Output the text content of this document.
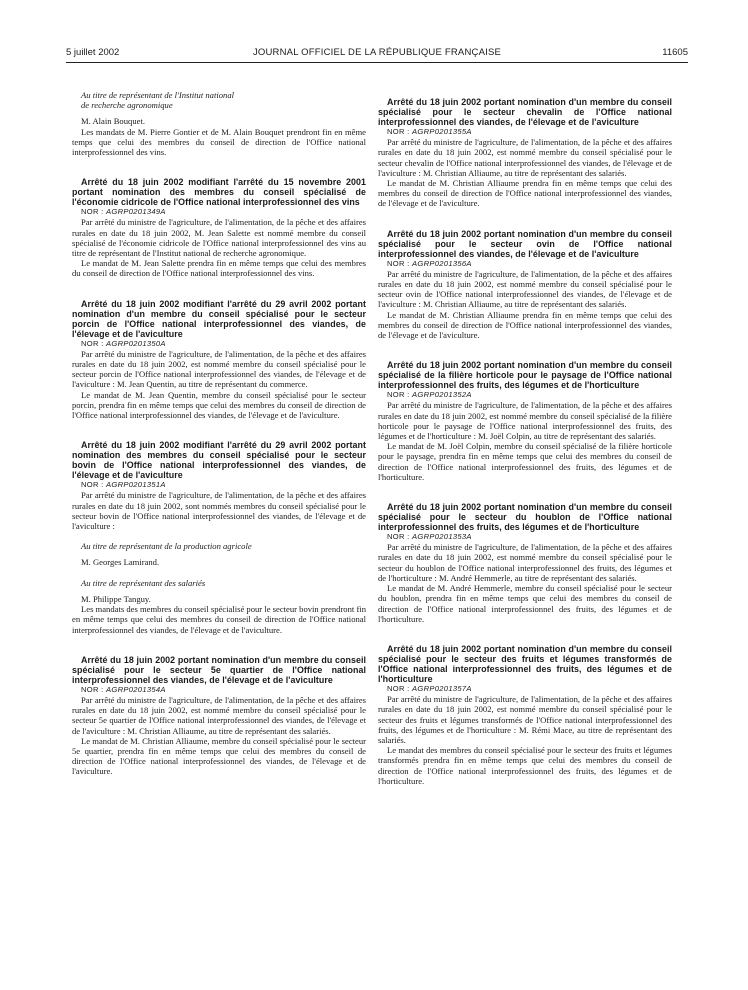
5 juillet 2002	JOURNAL OFFICIEL DE LA RÉPUBLIQUE FRANÇAISE	11605

Au titre de représentant de l'Institut national

de recherche agronomique

M. Alain Bouquet.

Les mandats de M. Pierre Gontier et de M. Alain Bouquet prendront fin en même temps que celui des membres du conseil de direction de l'Office national interprofessionnel des vins.

Arrêté du 18 juin 2002 modifiant l'arrêté du 15 novembre 2001 portant nomination des membres du conseil spécialisé de l'économie cidricole de l'Office national interprofessionnel des vins

NOR : AGRP0201349A

Par arrêté du ministre de l'agriculture, de l'alimentation, de la pêche et des affaires rurales en date du 18 juin 2002, M. Jean Salette est nommé membre du conseil spécialisé de l'économie cidricole de l'Office national interprofessionnel des vins au titre de représentant de l'Institut national de recherche agronomique.

Le mandat de M. Jean Salette prendra fin en même temps que celui des membres du conseil de direction de l'Office national interprofessionnel des vins.

Arrêté du 18 juin 2002 modifiant l'arrêté du 29 avril 2002 portant nomination d'un membre du conseil spécialisé pour le secteur porcin de l'Office national interprofessionnel des viandes, de l'élevage et de l'aviculture

NOR : AGRP0201350A

Par arrêté du ministre de l'agriculture, de l'alimentation, de la pêche et des affaires rurales en date du 18 juin 2002, est nommé membre du conseil spécialisé pour le secteur porcin de l'Office national interprofessionnel des viandes, de l'élevage et de l'aviculture : M. Jean Quentin, au titre de représentant du commerce.

Le mandat de M. Jean Quentin, membre du conseil spécialisé pour le secteur porcin, prendra fin en même temps que celui des membres du conseil de direction de l'Office national interprofessionnel des viandes, de l'élevage et de l'aviculture.

Arrêté du 18 juin 2002 modifiant l'arrêté du 29 avril 2002 portant nomination des membres du conseil spécialisé pour le secteur bovin de l'Office national interprofessionnel des viandes, de l'élevage et de l'aviculture

NOR : AGRP0201351A

Par arrêté du ministre de l'agriculture, de l'alimentation, de la pêche et des affaires rurales en date du 18 juin 2002, sont nommés membres du conseil spécialisé pour le secteur bovin de l'Office national interprofessionnel des viandes, de l'élevage et de l'aviculture :

Au titre de représentant de la production agricole

M. Georges Lamirand.

Au titre de représentant des salariés

M. Philippe Tanguy.

Les mandats des membres du conseil spécialisé pour le secteur bovin prendront fin en même temps que celui des membres du conseil de direction de l'Office national interprofessionnel des viandes, de l'élevage et de l'aviculture.

Arrêté du 18 juin 2002 portant nomination d'un membre du conseil spécialisé pour le secteur 5e quartier de l'Office national interprofessionnel des viandes, de l'élevage et de l'aviculture

NOR : AGRP0201354A

Par arrêté du ministre de l'agriculture, de l'alimentation, de la pêche et des affaires rurales en date du 18 juin 2002, est nommé membre du conseil spécialisé pour le secteur 5e quartier de l'Office national interprofessionnel des viandes, de l'élevage et de l'aviculture : M. Christian Alliaume, au titre de représentant des salariés.

Le mandat de M. Christian Alliaume, membre du conseil spécialisé pour le secteur 5e quartier, prendra fin en même temps que celui des membres du conseil de direction de l'Office national interprofessionnel des viandes, de l'élevage et de l'aviculture.

Arrêté du 18 juin 2002 portant nomination d'un membre du conseil spécialisé pour le secteur chevalin de l'Office national interprofessionnel des viandes, de l'élevage et de l'aviculture

NOR : AGRP0201355A

Par arrêté du ministre de l'agriculture, de l'alimentation, de la pêche et des affaires rurales en date du 18 juin 2002, est nommé membre du conseil spécialisé pour le secteur chevalin de l'Office national interprofessionnel des viandes, de l'élevage et de l'aviculture : M. Christian Alliaume, au titre de représentant des salariés.

Le mandat de M. Christian Alliaume prendra fin en même temps que celui des membres du conseil de direction de l'Office national interprofessionnel des viandes, de l'élevage et de l'aviculture.

Arrêté du 18 juin 2002 portant nomination d'un membre du conseil spécialisé pour le secteur ovin de l'Office national interprofessionnel des viandes, de l'élevage et de l'aviculture

NOR : AGRP0201356A

Par arrêté du ministre de l'agriculture, de l'alimentation, de la pêche et des affaires rurales en date du 18 juin 2002, est nommé membre du conseil spécialisé pour le secteur ovin de l'Office national interprofessionnel des viandes, de l'élevage et de l'aviculture : M. Christian Alliaume, au titre de représentant des salariés.

Le mandat de M. Christian Alliaume prendra fin en même temps que celui des membres du conseil de direction de l'Office national interprofessionnel des viandes, de l'élevage et de l'aviculture.

Arrêté du 18 juin 2002 portant nomination d'un membre du conseil spécialisé de la filière horticole pour le paysage de l'Office national interprofessionnel des fruits, des légumes et de l'horticulture

NOR : AGRP0201352A

Par arrêté du ministre de l'agriculture, de l'alimentation, de la pêche et des affaires rurales en date du 18 juin 2002, est nommé membre du conseil spécialisé de la filière horticole pour le paysage de l'Office national interprofessionnel des fruits, des légumes et de l'horticulture : M. Joël Colpin, au titre de représentant des salariés.

Le mandat de M. Joël Colpin, membre du conseil spécialisé de la filière horticole pour le paysage, prendra fin en même temps que celui des membres du conseil de direction de l'Office national interprofessionnel des fruits, des légumes et de l'horticulture.

Arrêté du 18 juin 2002 portant nomination d'un membre du conseil spécialisé pour le secteur du houblon de l'Office national interprofessionnel des fruits, des légumes et de l'horticulture

NOR : AGRP0201353A

Par arrêté du ministre de l'agriculture, de l'alimentation, de la pêche et des affaires rurales en date du 18 juin 2002, est nommé membre du conseil spécialisé pour le secteur du houblon de l'Office national interprofessionnel des fruits, des légumes et de l'horticulture : M. André Hemmerle, au titre de représentant des salariés.

Le mandat de M. André Hemmerle, membre du conseil spécialisé pour le secteur du houblon, prendra fin en même temps que celui des membres du conseil de direction de l'Office national interprofessionnel des fruits, des légumes et de l'horticulture.

Arrêté du 18 juin 2002 portant nomination d'un membre du conseil spécialisé pour le secteur des fruits et légumes transformés de l'Office national interprofessionnel des fruits, des légumes et de l'horticulture

NOR : AGRP0201357A

Par arrêté du ministre de l'agriculture, de l'alimentation, de la pêche et des affaires rurales en date du 18 juin 2002, est nommé membre du conseil spécialisé pour le secteur des fruits et légumes transformés de l'Office national interprofessionnel des fruits, des légumes et de l'horticulture : M. Rémi Mace, au titre de représentant des salariés.

Le mandat des membres du conseil spécialisé pour le secteur des fruits et légumes transformés prendra fin en même temps que celui des membres du conseil de direction de l'Office national interprofessionnel des fruits, des légumes et de l'horticulture.
